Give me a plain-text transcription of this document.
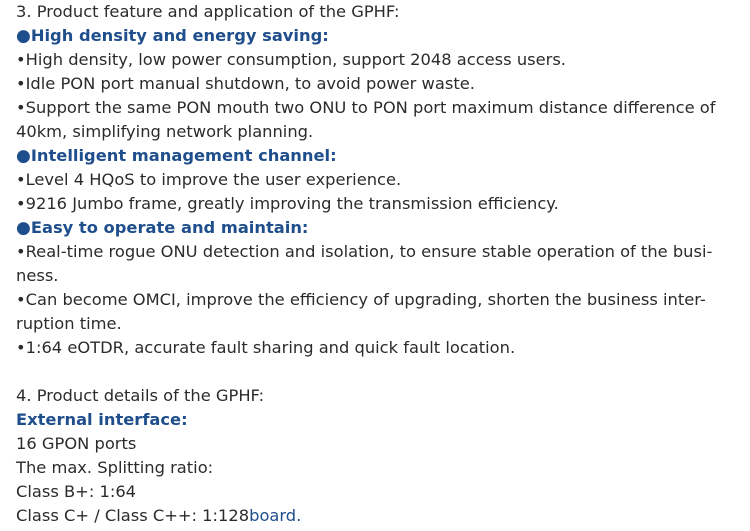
3. Product feature and application of the GPHF:
●High density and energy saving:
•High density, low power consumption, support 2048 access users.
•Idle PON port manual shutdown, to avoid power waste.
•Support the same PON mouth two ONU to PON port maximum distance difference of
40km, simplifying network planning.
●Intelligent management channel:
•Level 4 HQoS to improve the user experience.
•9216 Jumbo frame, greatly improving the transmission efficiency.
●Easy to operate and maintain:
•Real-time rogue ONU detection and isolation, to ensure stable operation of the busi-
ness.
•Can become OMCI, improve the efficiency of upgrading, shorten the business inter-
ruption time.
•1:64 eOTDR, accurate fault sharing and quick fault location.
4. Product details of the GPHF:
External interface:
16 GPON ports
The max. Splitting ratio:
Class B+: 1:64
Class C+ / Class C++: 1:128board.
